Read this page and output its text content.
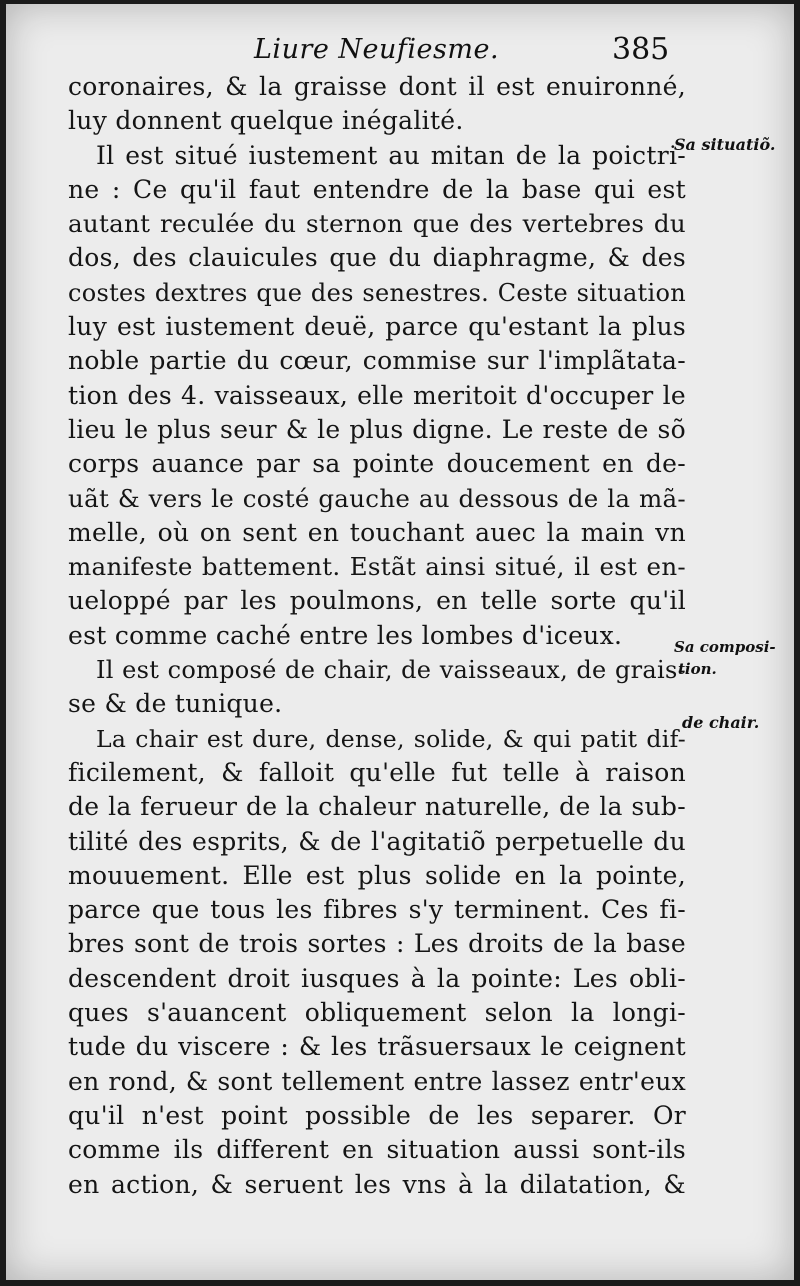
Liure Neufiesme.	385
coronaires, & la graisse dont il est enuironné,
luy donnent quelque inégalité.
Il est situé iustement au mitan de la poictri-
ne : Ce qu'il faut entendre de la base qui est
autant reculée du sternon que des vertebres du
dos, des clauicules que du diaphragme, & des
costes dextres que des senestres. Ceste situation
luy est iustement deuë, parce qu'estant la plus
noble partie du cœur, commise sur l'implãtata-
tion des 4. vaisseaux, elle meritoit d'occuper le
lieu le plus seur & le plus digne. Le reste de sõ
corps auance par sa pointe doucement en de-
uãt & vers le costé gauche au dessous de la mã-
melle, où on sent en touchant auec la main vn
manifeste battement. Estãt ainsi situé, il est en-
ueloppé par les poulmons, en telle sorte qu'il
est comme caché entre les lombes d'iceux.
Il est composé de chair, de vaisseaux, de grais-
se & de tunique.
La chair est dure, dense, solide, & qui patit dif-
ficilement, & falloit qu'elle fut telle à raison
de la ferueur de la chaleur naturelle, de la sub-
tilité des esprits, & de l'agitatiõ perpetuelle du
mouuement. Elle est plus solide en la pointe,
parce que tous les fibres s'y terminent. Ces fi-
bres sont de trois sortes : Les droits de la base
descendent droit iusques à la pointe: Les obli-
ques s'auancent obliquement selon la longi-
tude du viscere : & les trãsuersaux le ceignent
en rond, & sont tellement entre lassez entr'eux
qu'il n'est point possible de les separer. Or
comme ils different en situation aussi sont-ils
en action, & seruent les vns à la dilatation, &
Sa situatiõ.
Sa composi-
tion.
de chair.
